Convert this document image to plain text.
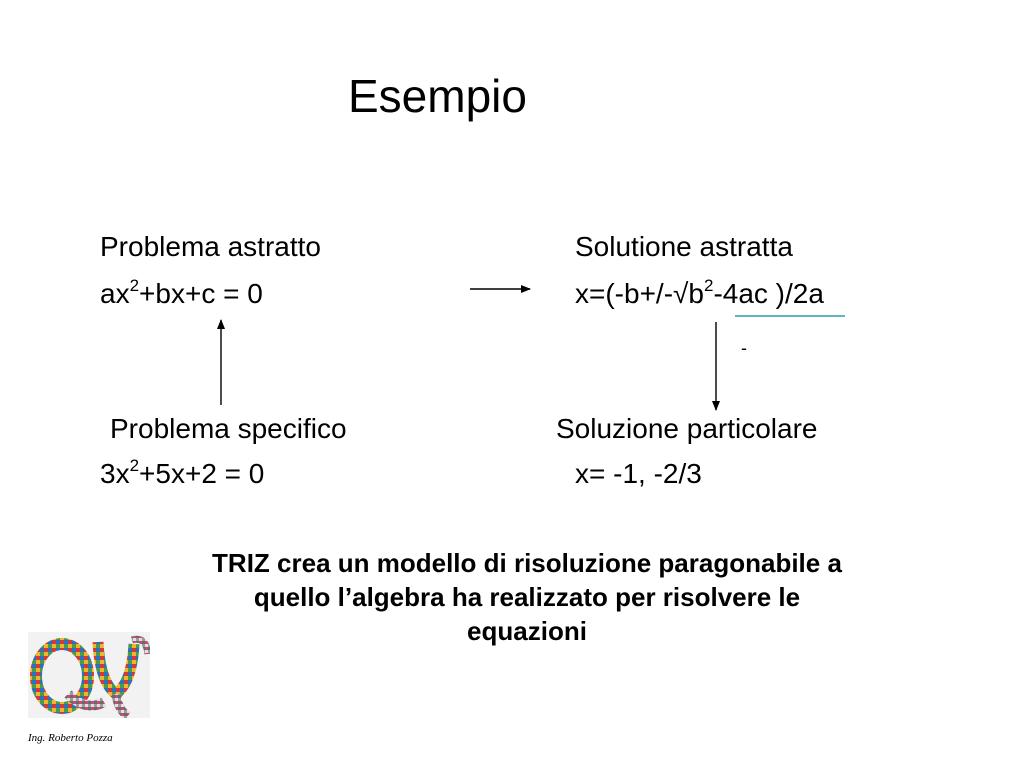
Esempio
Problema astratto
$ax^2+bx+c = 0$
Solutione astratta
$x=(-b+/-√b^2-4ac$ )/2a
-
Problema specifico
$3x^2+5x+2 = 0$
Soluzione particolare
x= -1, -2/3
TRIZ crea un modello di risoluzione paragonabile a
quello l’algebra ha realizzato per risolvere le
equazioni
Ing. Roberto Pozza
